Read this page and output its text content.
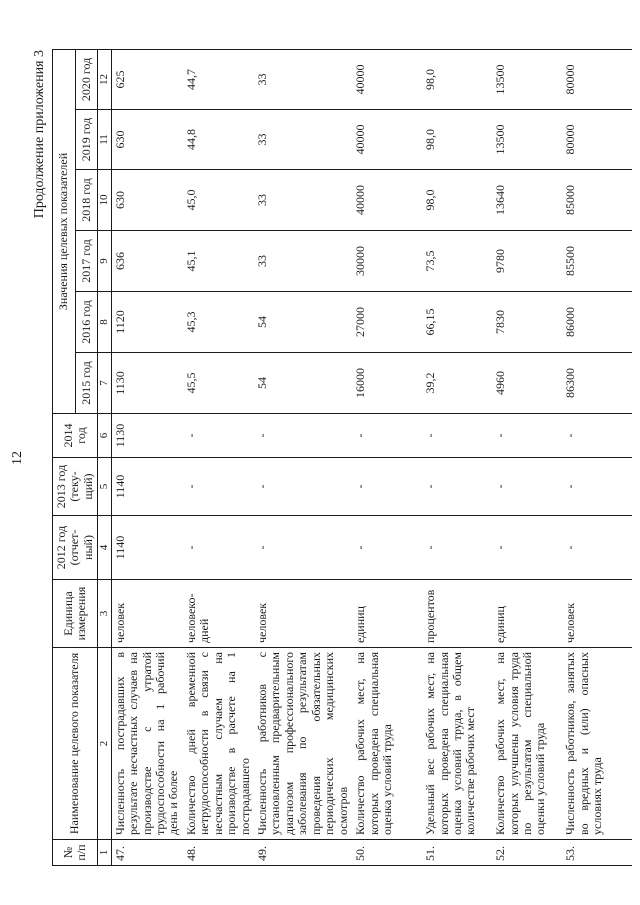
12
Продолжение приложения 3
№ п/п	Наименование целевого показателя	Единица измерения	2012 год (отчет- ный)	2013 год (теку- щий)	2014 год	Значения целевых показателей					
						2015 год	2016 год	2017 год	2018 год	2019 год	2020 год
1	2	3	4	5	6	7	8	9	10	11	12
47.	Численность пострадавших в результате несчастных случаев на производстве с утратой трудоспособности на 1 рабочий день и более	человек	1140	1140	1130	1130	1120	636	630	630	625
48.	Количество дней временной нетрудоспособности в связи с несчастным случаем на производстве в расчете на 1 пострадавшего	человеко-дней	-	-	-	45,5	45,3	45,1	45,0	44,8	44,7
49.	Численность работников с установленным предварительным диагнозом профессионального заболевания по результатам проведения обязательных периодических медицинских осмотров	человек	-	-	-	54	54	33	33	33	33
50.	Количество рабочих мест, на которых проведена специальная оценка условий труда	единиц	-	-	-	16000	27000	30000	40000	40000	40000
51.	Удельный вес рабочих мест, на которых проведена специальная оценка условий труда, в общем количестве рабочих мест	процентов	-	-	-	39,2	66,15	73,5	98,0	98,0	98,0
52.	Количество рабочих мест, на которых улучшены условия труда по результатам специальной оценки условий труда	единиц	-	-	-	4960	7830	9780	13640	13500	13500
53.	Численность работников, занятых во вредных и (или) опасных условиях труда	человек	-	-	-	86300	86000	85500	85000	80000	80000
